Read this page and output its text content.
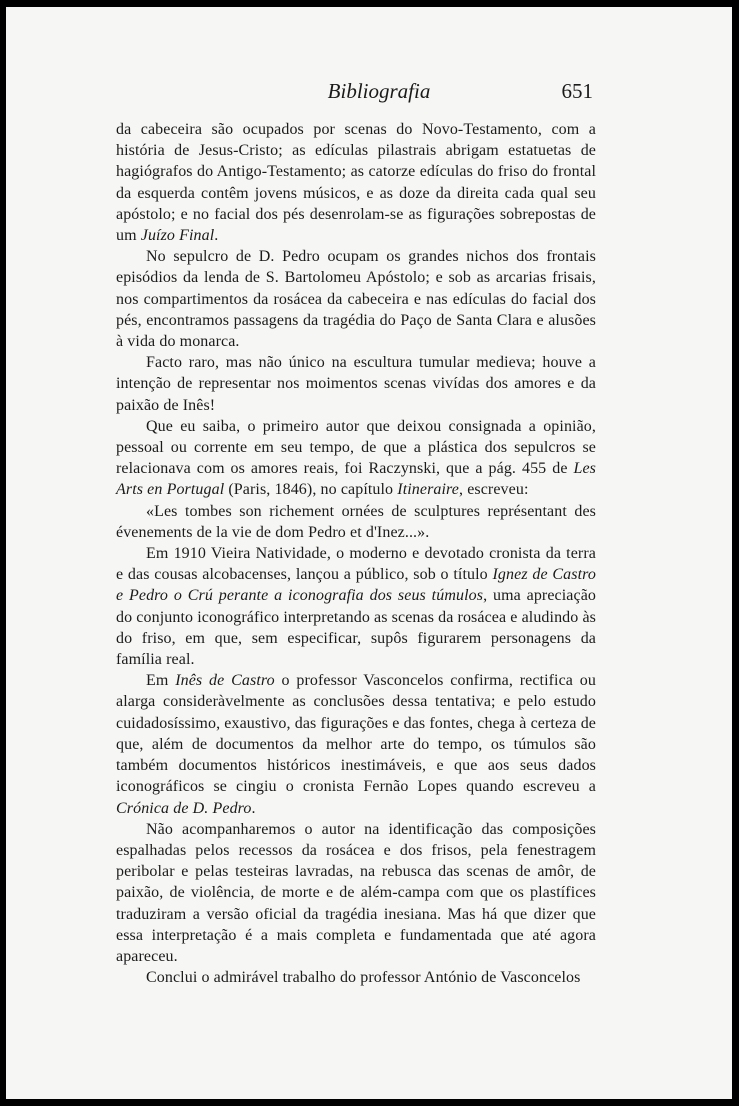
Bibliografia	651

da cabeceira são ocupados por scenas do Novo-Testamento, com a história de Jesus-Cristo; as edículas pilastrais abrigam estatuetas de hagiógrafos do Antigo-Testamento; as catorze edículas do friso do frontal da esquerda contêm jovens músicos, e as doze da direita cada qual seu apóstolo; e no facial dos pés desenrolam-se as figurações sobrepostas de um Juízo Final.

No sepulcro de D. Pedro ocupam os grandes nichos dos frontais episódios da lenda de S. Bartolomeu Apóstolo; e sob as arcarias frisais, nos compartimentos da rosácea da cabeceira e nas edículas do facial dos pés, encontramos passagens da tragédia do Paço de Santa Clara e alusões à vida do monarca.

Facto raro, mas não único na escultura tumular medieva; houve a intenção de representar nos moimentos scenas vivídas dos amores e da paixão de Inês!

Que eu saiba, o primeiro autor que deixou consignada a opinião, pessoal ou corrente em seu tempo, de que a plástica dos sepulcros se relacionava com os amores reais, foi Raczynski, que a pág. 455 de Les Arts en Portugal (Paris, 1846), no capítulo Itineraire, escreveu:

«Les tombes son richement ornées de sculptures représentant des évenements de la vie de dom Pedro et d'Inez...».

Em 1910 Vieira Natividade, o moderno e devotado cronista da terra e das cousas alcobacenses, lançou a público, sob o título Ignez de Castro e Pedro o Crú perante a iconografia dos seus túmulos, uma apreciação do conjunto iconográfico interpretando as scenas da rosácea e aludindo às do friso, em que, sem especificar, supôs figurarem personagens da família real.

Em Inês de Castro o professor Vasconcelos confirma, rectifica ou alarga consideràvelmente as conclusões dessa tentativa; e pelo estudo cuidadosíssimo, exaustivo, das figurações e das fontes, chega à certeza de que, além de documentos da melhor arte do tempo, os túmulos são também documentos históricos inestimáveis, e que aos seus dados iconográficos se cingiu o cronista Fernão Lopes quando escreveu a Crónica de D. Pedro.

Não acompanharemos o autor na identificação das composições espalhadas pelos recessos da rosácea e dos frisos, pela fenestragem peribolar e pelas testeiras lavradas, na rebusca das scenas de amôr, de paixão, de violência, de morte e de além-campa com que os plastífices traduziram a versão oficial da tragédia inesiana. Mas há que dizer que essa interpretação é a mais completa e fundamentada que até agora apareceu.

Conclui o admirável trabalho do professor António de Vasconcelos
